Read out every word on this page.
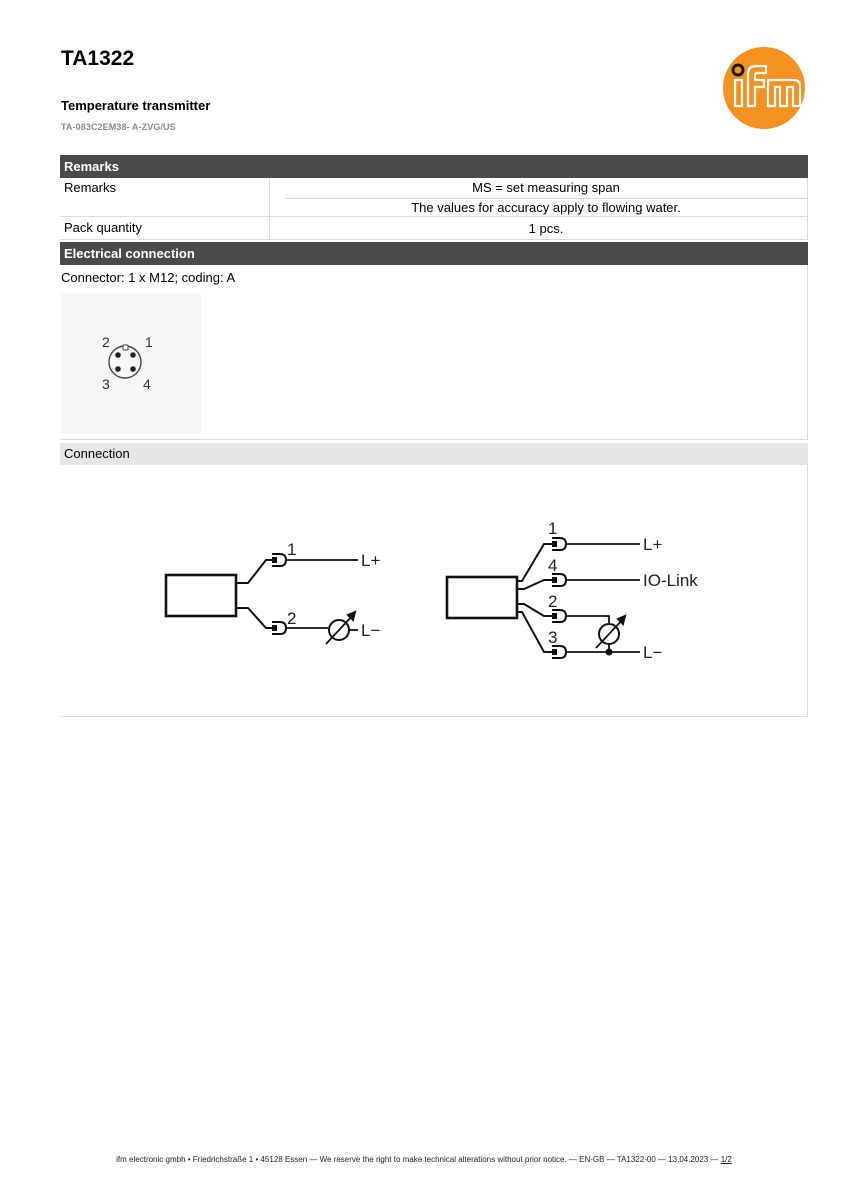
TA1322
Temperature transmitter
TA-083C2EM38- A-ZVG/US
Remarks
Remarks	MS = set measuring span
The values for accuracy apply to flowing water.
Pack quantity	1 pcs.
Electrical connection
Connector: 1 x M12; coding: A
2	1
3 4
Connection
1
L+
2
L−
1
L+
4
IO-Link
2
3
L−
ifm electronic gmbh • Friedrichstraße 1 • 45128 Essen — We reserve the right to make technical alterations without prior notice. — EN-GB — TA1322-00 — 13.04.2023 — 1/2
